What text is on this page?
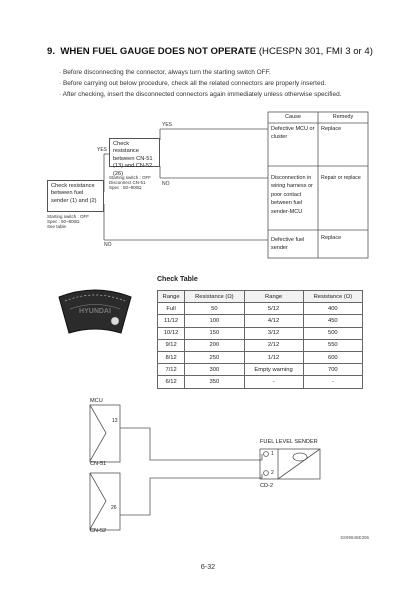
9. WHEN FUEL GAUGE DOES NOT OPERATE (HCESPN 301, FMI 3 or 4)
· Before disconnecting the connector, always turn the starting switch OFF.
· Before carrying out below procedure, check all the related connectors are properly inserted.
· After checking, insert the disconnected connectors again immediately unless otherwise specified.
Check resistance between fuel sender (1) and (2)
Starting switch : OFF
Spec : 50~800Ω
See table
Check resistance between CN-51 (13) and CN-52 (26)
Starting switch : OFF
Disconnect CN-51
Spec : 50~800Ω
YES
NO
YES
NO
Cause	Remedy
Defective MCU or cluster
Replace
Disconnection in wiring harness or poor contact between fuel sender-MCU
Repair or replace
Defective fuel sender
Replace
HYUNDAI
Check Table
Range	Resistance (Ω)	Range	Resistance (Ω)
Full	50	5/12	400
11/12	100	4/12	450
10/12	150	3/12	500
9/12	200	2/12	550
8/12	250	1/12	600
7/12	300	Empty warning	700
6/12	350	-	-
MCU
13
CN-51
26
CN-52
FUEL LEVEL SENDER
1
2
CD-2
5S99846E306
6-32
